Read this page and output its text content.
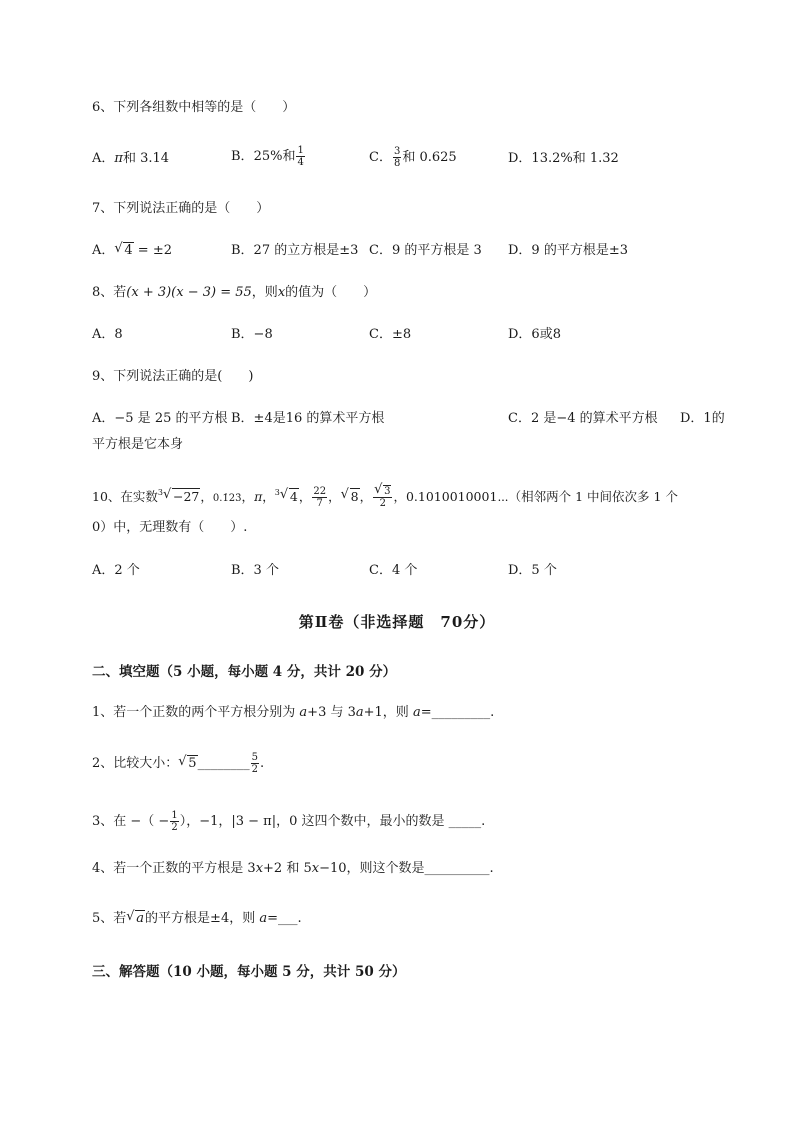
6、下列各组数中相等的是（　　）
A．π和 3.14	B．25%和 $\frac{1}{4}$	C． $\frac{3}{8}$ 和 0.625	D．13.2%和 1.32
7、下列说法正确的是（　　）
A． √ 4 = ±2	B．27 的立方根是±3 C．9 的平方根是 3 D．9 的平方根是±3
8、若(x + 3)(x − 3) = 55，则x的值为（　　）
A．8	B．−8	C．±8	D．6或8
9、下列说法正确的是(　　)
A．−5 是 25 的平方根 B．±4是16 的算术平方根	C．2 是−4 的算术平方根 D．1的
平方根是它本身
10、在实数$^3$ √ −27，0.1̇23̇，π，$^3$ √ 4， $\frac{22}{7}$ ， √ 8， √ $\frac{3}{2}$ ，0.1010010001⋯（相邻两个 1 中间依次多 1 个
0）中，无理数有（　　）.
A．2 个	B．3 个	C．4 个	D．5 个
第Ⅱ卷（非选择题　70分）
二、填空题（5 小题，每小题 4 分，共计 20 分）
1、若一个正数的两个平方根分别为 a+3 与 3a+1，则 a=_________.
2、比较大小： √ 5________ $\frac{5}{2}$ .
3、在 −（ − $\frac{1}{2}$ ），−1，|3 − π|，0 这四个数中，最小的数是 _____.
4、若一个正数的平方根是 3x+2 和 5x−10，则这个数是__________.
5、若 √ a的平方根是±4，则 a=___.
三、解答题（10 小题，每小题 5 分，共计 50 分）
